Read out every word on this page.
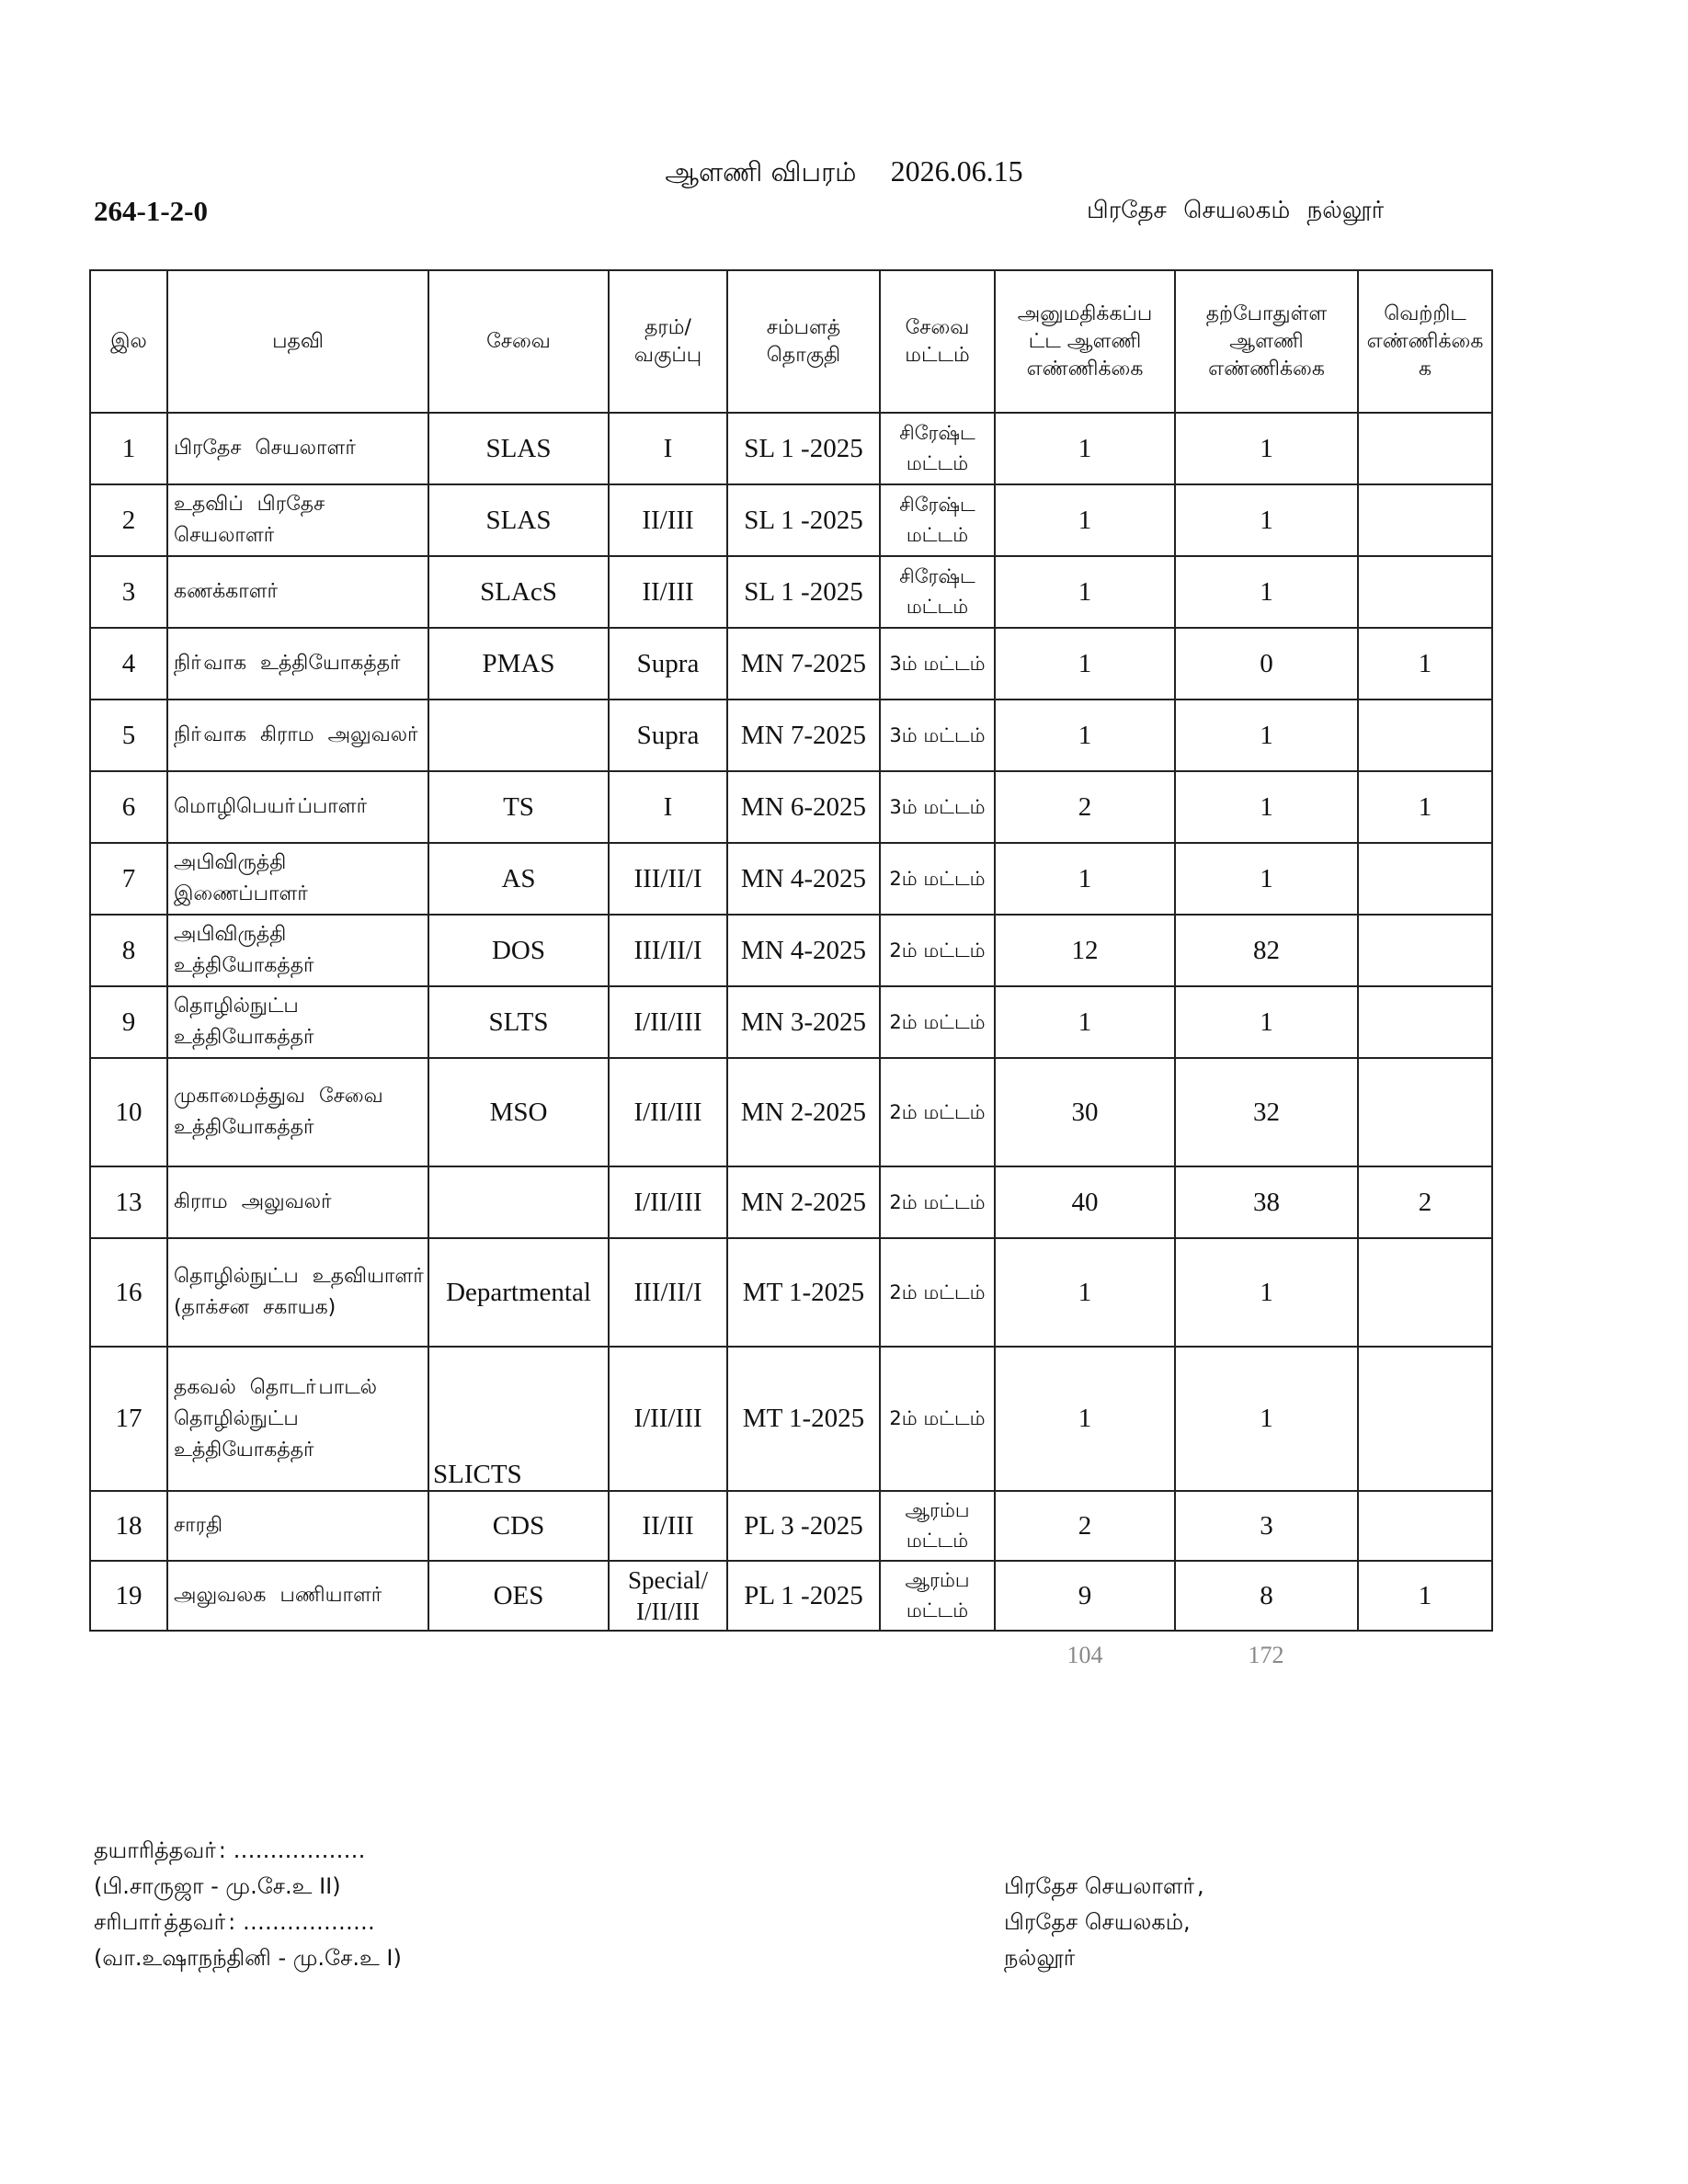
ஆளணி விபரம் 2026.06.15
264-1-2-0	பிரதேச செயலகம் நல்லூா்
இல	பதவி	சேவை	தரம்/ வகுப்பு	சம்பளத் தொகுதி	சேவை மட்டம்	அனுமதிக்கப்ப ட்ட ஆளணி எண்ணிக்கை	தற்போதுள்ள ஆளணி எண்ணிக்கை	வெற்றிட எண்ணிக்கை க
1	பிரதேச செயலாளா்	SLAS	I	SL 1 -2025	சிரேஷ்ட மட்டம்	1	1	
2	உதவிப் பிரதேச செயலாளா்	SLAS	II/III	SL 1 -2025	சிரேஷ்ட மட்டம்	1	1	
3	கணக்காளா்	SLAcS	II/III	SL 1 -2025	சிரேஷ்ட மட்டம்	1	1	
4	நிா்வாக உத்தியோகத்தா்	PMAS	Supra	MN 7-2025	3ம் மட்டம்	1	0	1
5	நிா்வாக கிராம அலுவலா்		Supra	MN 7-2025	3ம் மட்டம்	1	1	
6	மொழிபெயா்ப்பாளா்	TS	I	MN 6-2025	3ம் மட்டம்	2	1	1
7	அபிவிருத்தி இணைப்பாளா்	AS	III/II/I	MN 4-2025	2ம் மட்டம்	1	1	
8	அபிவிருத்தி உத்தியோகத்தா்	DOS	III/II/I	MN 4-2025	2ம் மட்டம்	12	82	
9	தொழில்நுட்ப உத்தியோகத்தா்	SLTS	I/II/III	MN 3-2025	2ம் மட்டம்	1	1	
10	முகாமைத்துவ சேவை உத்தியோகத்தா்	MSO	I/II/III	MN 2-2025	2ம் மட்டம்	30	32	
13	கிராம அலுவலா்		I/II/III	MN 2-2025	2ம் மட்டம்	40	38	2
16	தொழில்நுட்ப உதவியாளா் (தாக்சன சகாயக)	Departmental	III/II/I	MT 1-2025	2ம் மட்டம்	1	1	
17	தகவல் தொடா்பாடல் தொழில்நுட்ப உத்தியோகத்தா்	SLICTS	I/II/III	MT 1-2025	2ம் மட்டம்	1	1	
18	சாரதி	CDS	II/III	PL 3 -2025	ஆரம்ப மட்டம்	2	3	
19	அலுவலக பணியாளா்	OES	Special/ I/II/III	PL 1 -2025	ஆரம்ப மட்டம்	9	8	1
104	172
தயாரித்தவா்: ………………
(பி.சாருஜா - மு.சே.உ II)
சரிபாா்த்தவா்: ………………
(வா.உஷாநந்தினி - மு.சே.உ I)
பிரதேச செயலாளா்,
பிரதேச செயலகம்,
நல்லூா்
